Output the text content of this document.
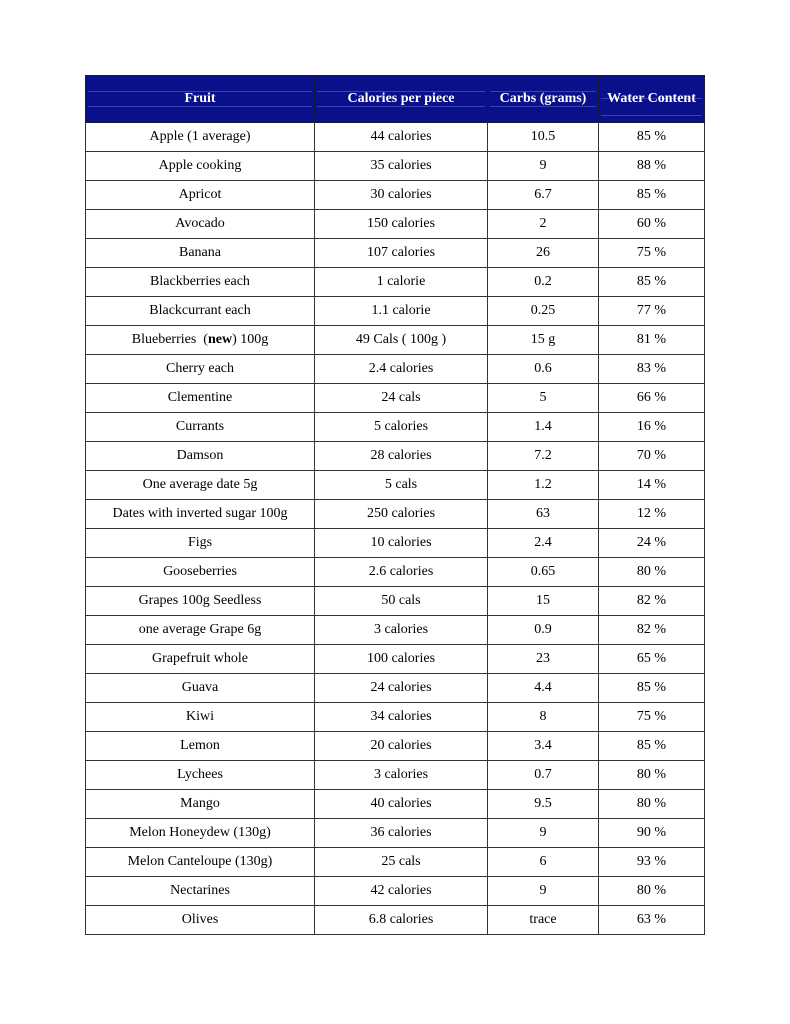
Fruit	Calories per piece	Carbs (grams)	Water Content
Apple (1 average)	44 calories	10.5	85 %
Apple cooking	35 calories	9	88 %
Apricot	30 calories	6.7	85 %
Avocado	150 calories	2	60 %
Banana	107 calories	26	75 %
Blackberries each	1 calorie	0.2	85 %
Blackcurrant each	1.1 calorie	0.25	77 %
Blueberries  (new) 100g	49 Cals ( 100g )	15 g	81 %
Cherry each	2.4 calories	0.6	83 %
Clementine	24 cals	5	66 %
Currants	5 calories	1.4	16 %
Damson	28 calories	7.2	70 %
One average date 5g	5 cals	1.2	14 %
Dates with inverted sugar 100g	250 calories	63	12 %
Figs	10 calories	2.4	24 %
Gooseberries	2.6 calories	0.65	80 %
Grapes 100g Seedless	50 cals	15	82 %
one average Grape 6g	3 calories	0.9	82 %
Grapefruit whole	100 calories	23	65 %
Guava	24 calories	4.4	85 %
Kiwi	34 calories	8	75 %
Lemon	20 calories	3.4	85 %
Lychees	3 calories	0.7	80 %
Mango	40 calories	9.5	80 %
Melon Honeydew (130g)	36 calories	9	90 %
Melon Canteloupe (130g)	25 cals	6	93 %
Nectarines	42 calories	9	80 %
Olives	6.8 calories	trace	63 %
